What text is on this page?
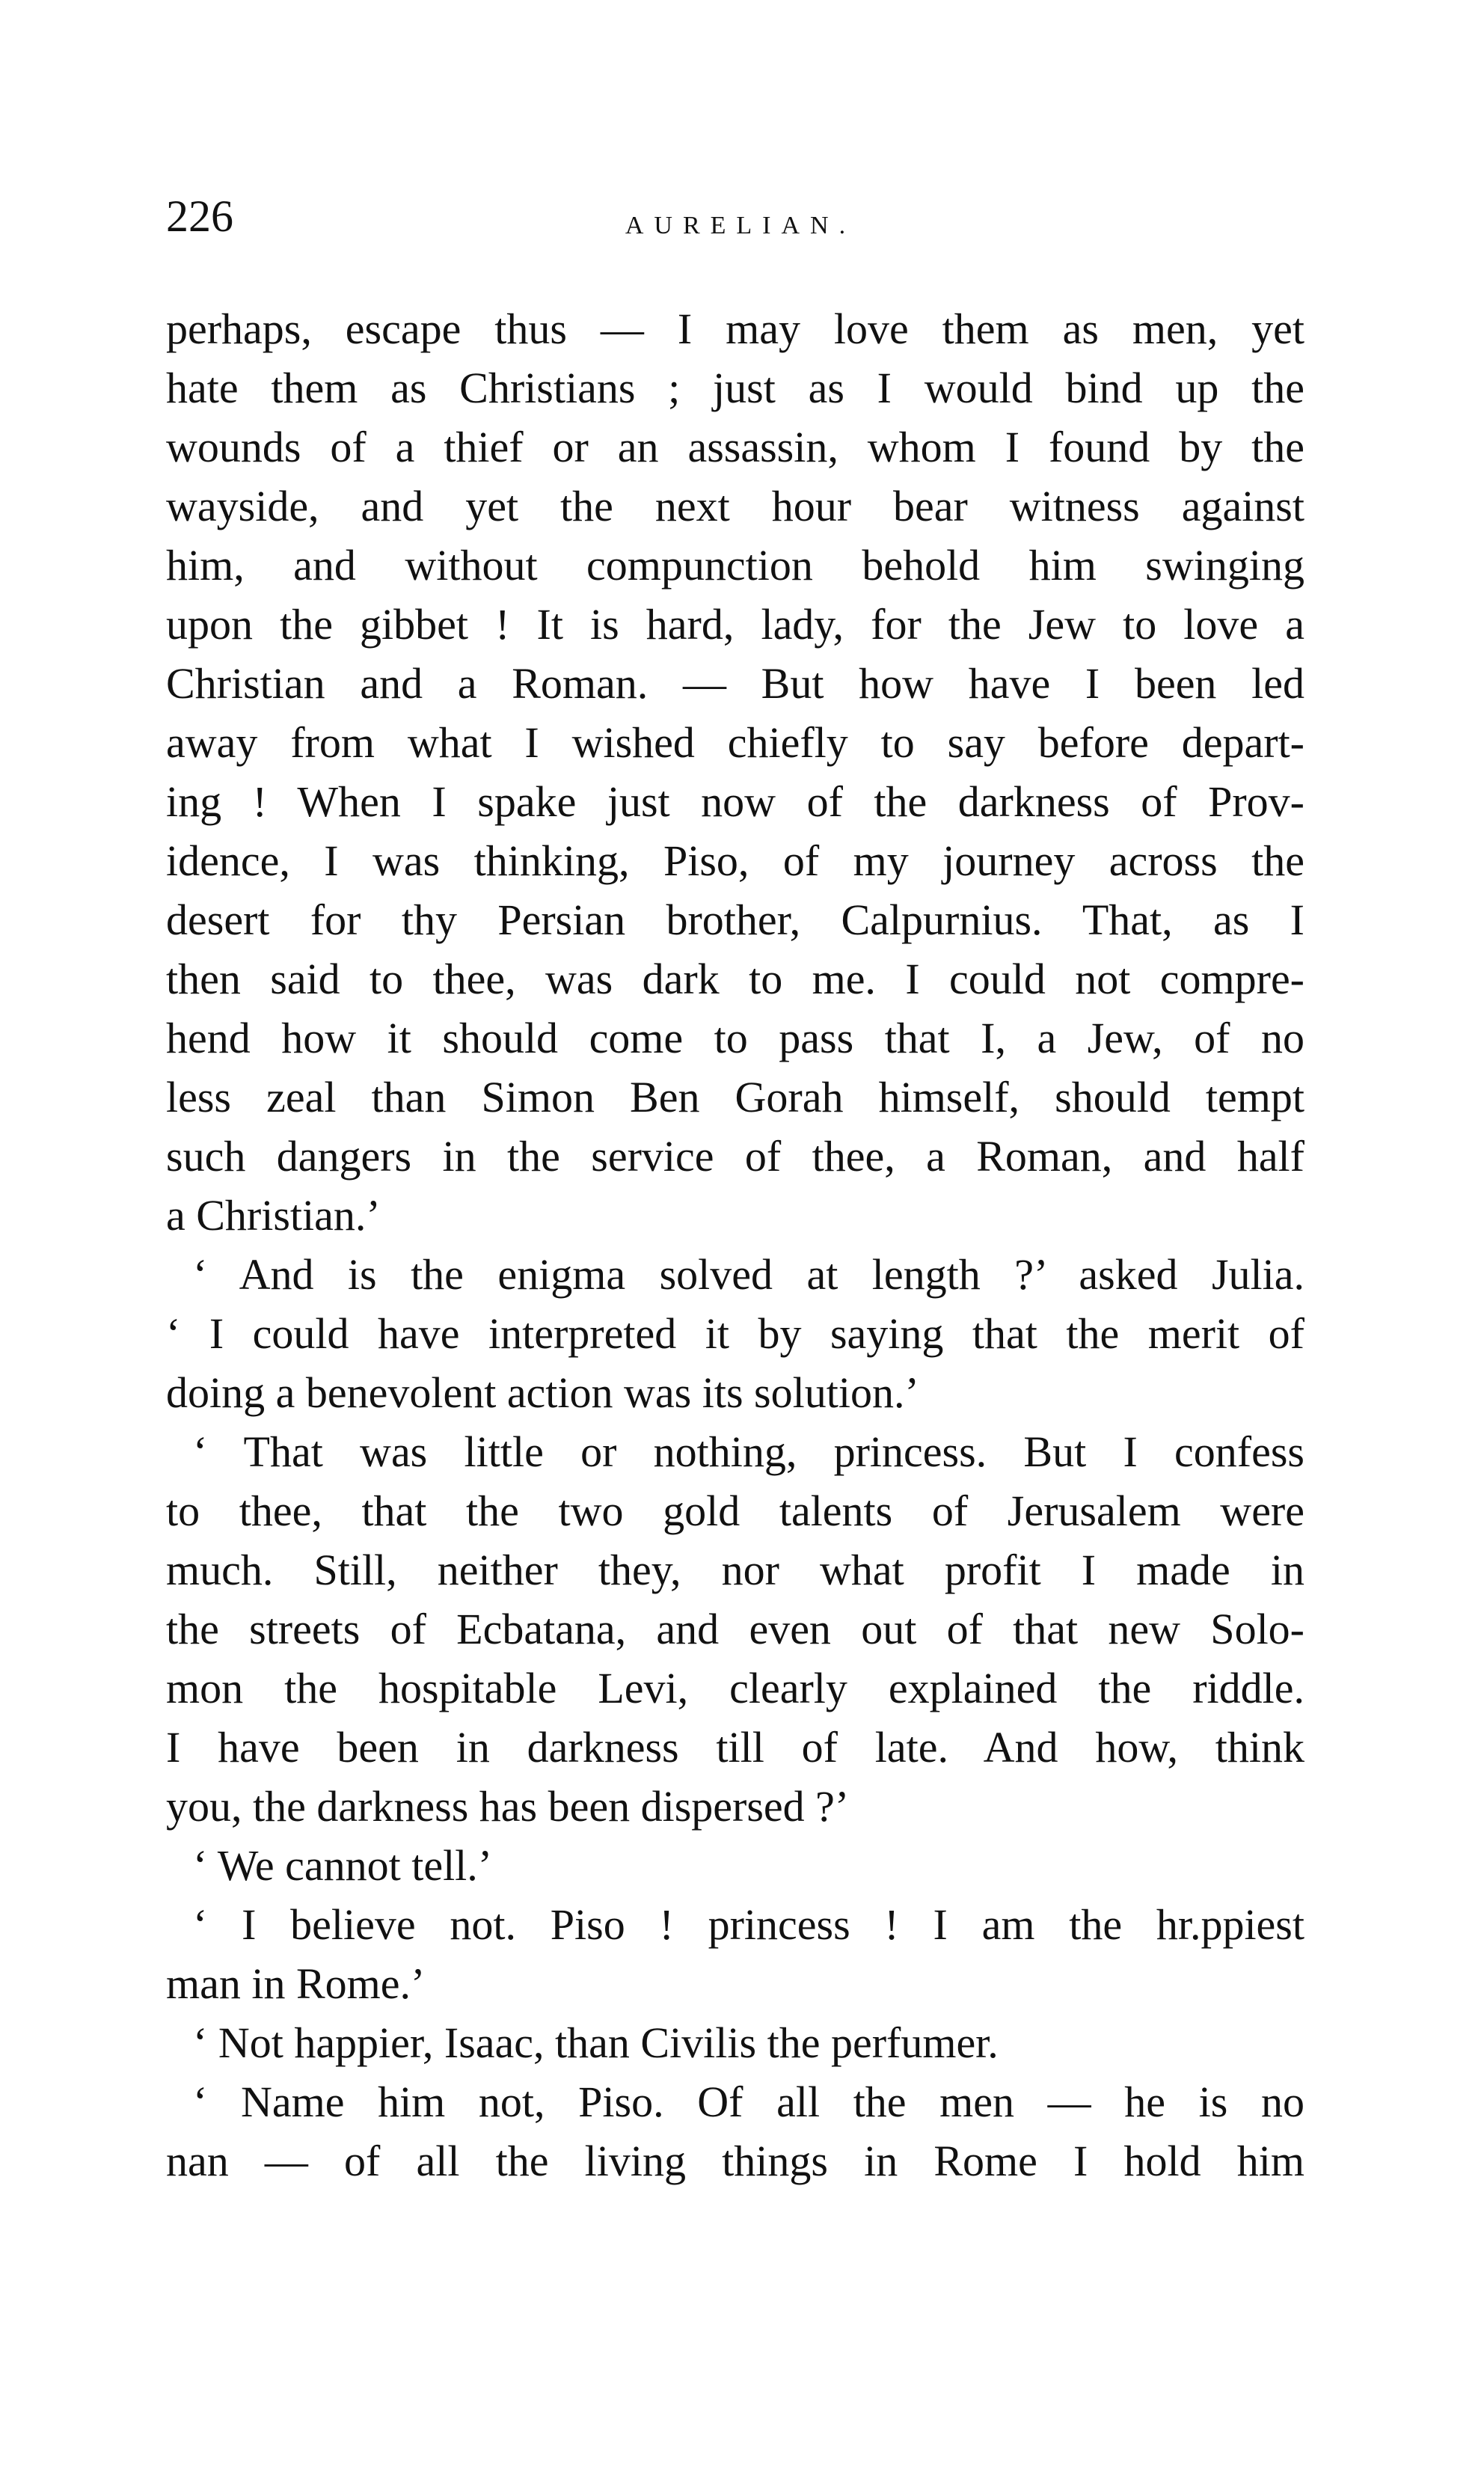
226	AURELIAN.
perhaps, escape thus — I may love them as men, yet
hate them as Christians ; just as I would bind up the
wounds of a thief or an assassin, whom I found by the
wayside, and yet the next hour bear witness against
him, and without compunction behold him swinging
upon the gibbet ! It is hard, lady, for the Jew to love a
Christian and a Roman. — But how have I been led
away from what I wished chiefly to say before depart-
ing ! When I spake just now of the darkness of Prov-
idence, I was thinking, Piso, of my journey across the
desert for thy Persian brother, Calpurnius. That, as I
then said to thee, was dark to me. I could not compre-
hend how it should come to pass that I, a Jew, of no
less zeal than Simon Ben Gorah himself, should tempt
such dangers in the service of thee, a Roman, and half
a Christian.’
‘ And is the enigma solved at length ?’ asked Julia.
‘ I could have interpreted it by saying that the merit of
doing a benevolent action was its solution.’
‘ That was little or nothing, princess. But I confess
to thee, that the two gold talents of Jerusalem were
much. Still, neither they, nor what profit I made in
the streets of Ecbatana, and even out of that new Solo-
mon the hospitable Levi, clearly explained the riddle.
I have been in darkness till of late. And how, think
you, the darkness has been dispersed ?’
‘ We cannot tell.’
‘ I believe not. Piso ! princess ! I am the hr.ppiest
man in Rome.’
‘ Not happier, Isaac, than Civilis the perfumer.
‘ Name him not, Piso. Of all the men — he is no
nan — of all the living things in Rome I hold him
